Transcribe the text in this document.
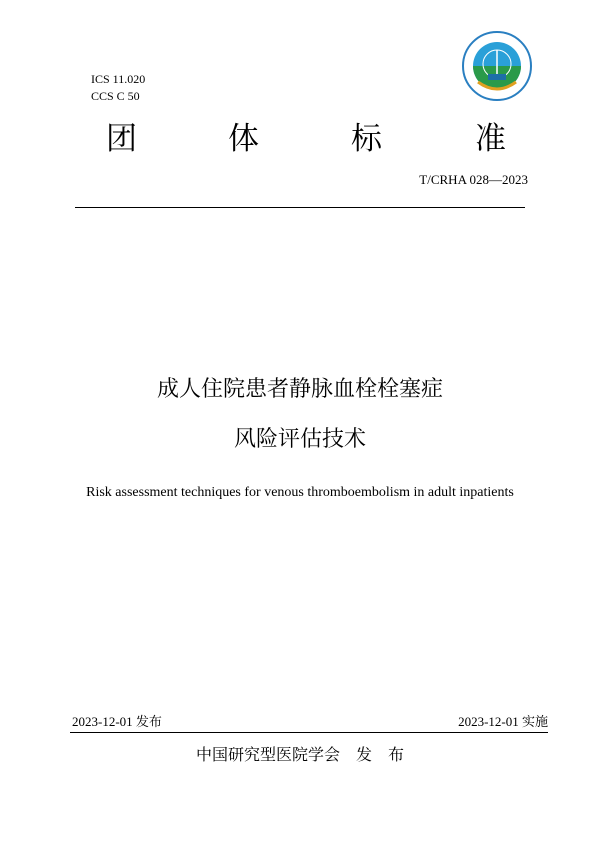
ICS 11.020
CCS C 50
团	体	标	准
T/CRHA 028—2023
成人住院患者静脉血栓栓塞症
风险评估技术
Risk assessment techniques for venous thromboembolism in adult inpatients
2023-12-01 发布	2023-12-01 实施
中国研究型医院学会　发　布
